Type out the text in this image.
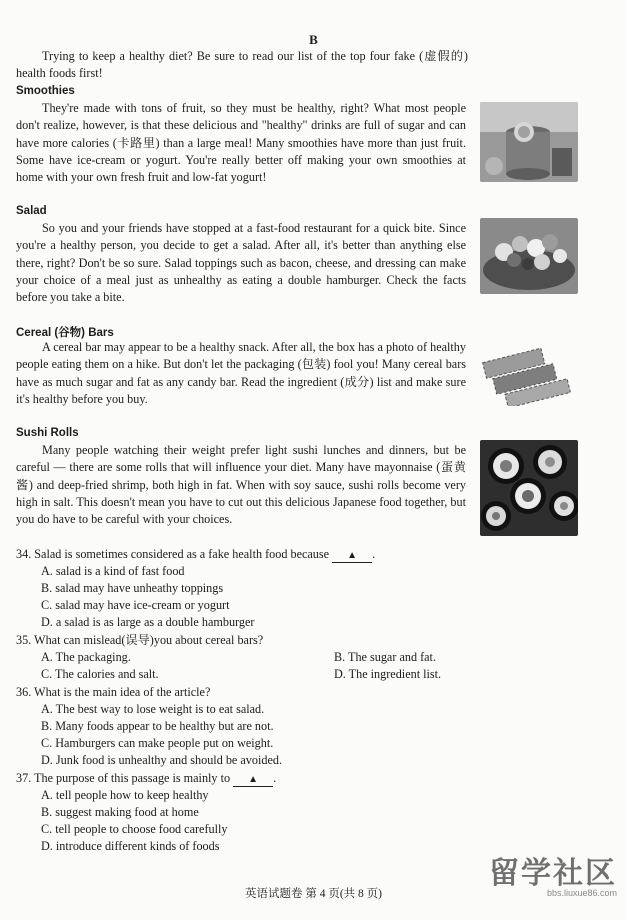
B

Trying to keep a healthy diet? Be sure to read our list of the top four fake (虚假的) health foods first!

Smoothies

They're made with tons of fruit, so they must be healthy, right? What most people don't realize, however, is that these delicious and "healthy" drinks are full of sugar and can have more calories (卡路里) than a large meal! Many smoothies have more than just fruit. Some have ice-cream or yogurt. You're really better off making your own smoothies at home with your own fresh fruit and low-fat yogurt!

Salad

So you and your friends have stopped at a fast-food restaurant for a quick bite. Since you're a healthy person, you decide to get a salad. After all, it's better than anything else there, right? Don't be so sure. Salad toppings such as bacon, cheese, and dressing can make your choice of a meal just as unhealthy as eating a double hamburger. Check the facts before you take a bite.

Cereal (谷物) Bars

A cereal bar may appear to be a healthy snack. After all, the box has a photo of healthy people eating them on a hike. But don't let the packaging (包装) fool you! Many cereal bars have as much sugar and fat as any candy bar. Read the ingredient (成分) list and make sure it's healthy before you buy.

Sushi Rolls

Many people watching their weight prefer light sushi lunches and dinners, but be careful — there are some rolls that will influence your diet. Many have mayonnaise (蛋黄酱) and deep-fried shrimp, both high in fat. When with soy sauce, sushi rolls become very high in salt. This doesn't mean you have to cut out this delicious Japanese food together, but you do have to be careful with your choices.

34. Salad is sometimes considered as a fake health food because ▲ .
A. salad is a kind of fast food
B. salad may have unheathy toppings
C. salad may have ice-cream or yogurt
D. a salad is as large as a double hamburger
35. What can mislead(误导)you about cereal bars?
A. The packaging.	B. The sugar and fat.
C. The calories and salt.	D. The ingredient list.
36. What is the main idea of the article?
A. The best way to lose weight is to eat salad.
B. Many foods appear to be healthy but are not.
C. Hamburgers can make people put on weight.
D. Junk food is unhealthy and should be avoided.
37. The purpose of this passage is mainly to ▲ .
A. tell people how to keep healthy
B. suggest making food at home
C. tell people to choose food carefully
D. introduce different kinds of foods
英语试题卷 第 4 页(共 8 页)
留学社区
bbs.liuxue86.com
